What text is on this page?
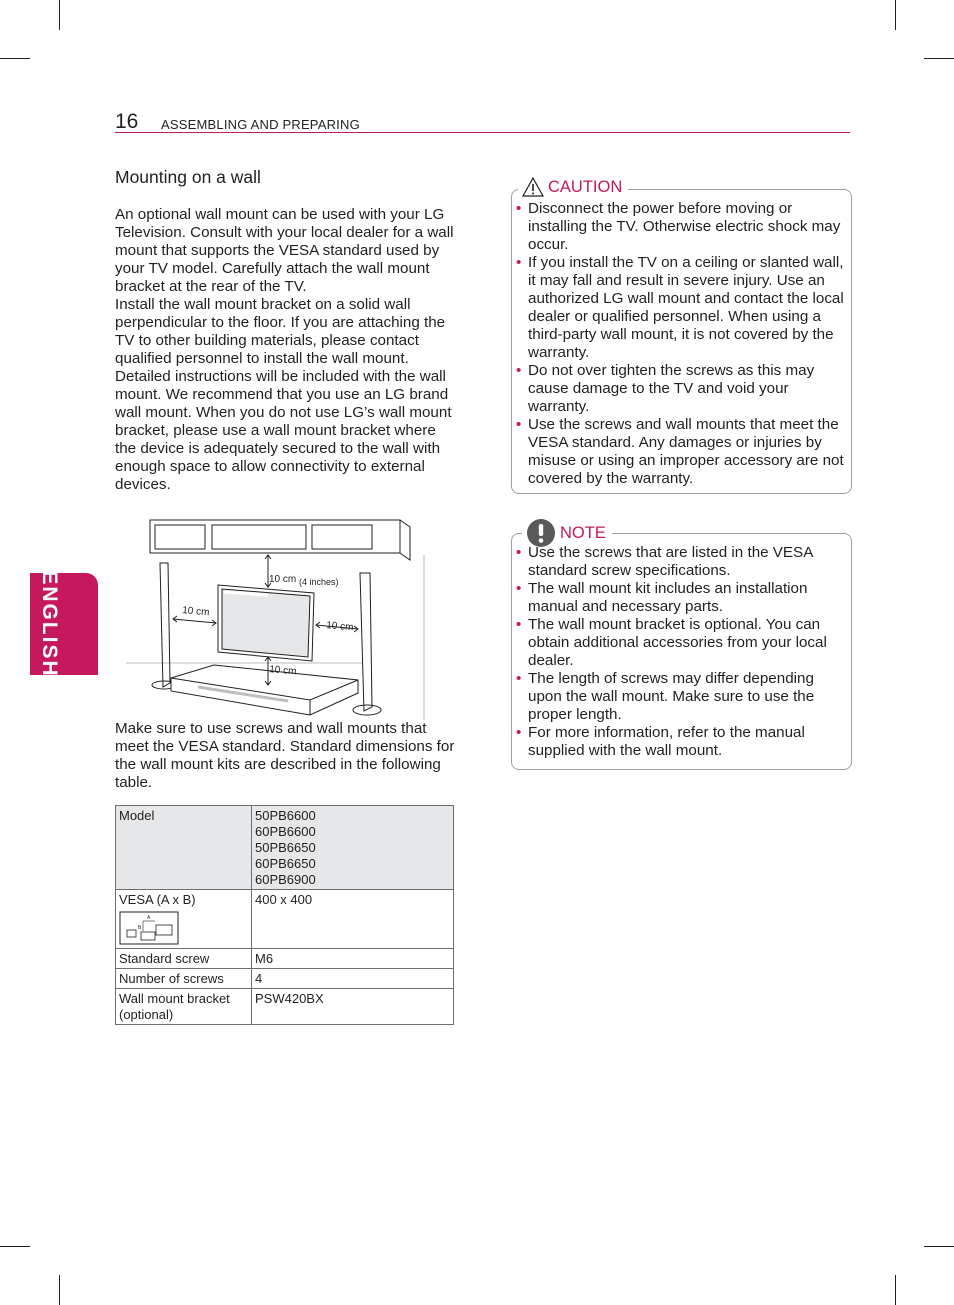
16 ASSEMBLING AND PREPARING
ENGLISH
Mounting on a wall

An optional wall mount can be used with your LG Television. Consult with your local dealer for a wall mount that supports the VESA standard used by your TV model. Carefully attach the wall mount bracket at the rear of the TV.

Install the wall mount bracket on a solid wall perpendicular to the floor. If you are attaching the TV to other building materials, please contact qualified personnel to install the wall mount. Detailed instructions will be included with the wall mount. We recommend that you use an LG brand wall mount. When you do not use LG’s wall mount bracket, please use a wall mount bracket where the device is adequately secured to the wall with enough space to allow connectivity to external devices.

10 cm (4 inches)
10 cm
10 cm
10 cm

Make sure to use screws and wall mounts that meet the VESA standard. Standard dimensions for the wall mount kits are described in the following table.

Model	50PB6600
60PB6600
50PB6650
60PB6650
60PB6900

VESA (A x B)
A
B	400 x 400
Standard screw	M6
Number of screws	4
Wall mount bracket (optional)	PSW420BX
CAUTION
• Disconnect the power before moving or installing the TV. Otherwise electric shock may occur.
• If you install the TV on a ceiling or slanted wall, it may fall and result in severe injury. Use an authorized LG wall mount and contact the local dealer or qualified personnel. When using a third-party wall mount, it is not covered by the warranty.
• Do not over tighten the screws as this may cause damage to the TV and void your warranty.
• Use the screws and wall mounts that meet the VESA standard. Any damages or injuries by misuse or using an improper accessory are not covered by the warranty.
NOTE
• Use the screws that are listed in the VESA standard screw specifications.
• The wall mount kit includes an installation manual and necessary parts.
• The wall mount bracket is optional. You can obtain additional accessories from your local dealer.
• The length of screws may differ depending upon the wall mount. Make sure to use the proper length.
• For more information, refer to the manual supplied with the wall mount.
